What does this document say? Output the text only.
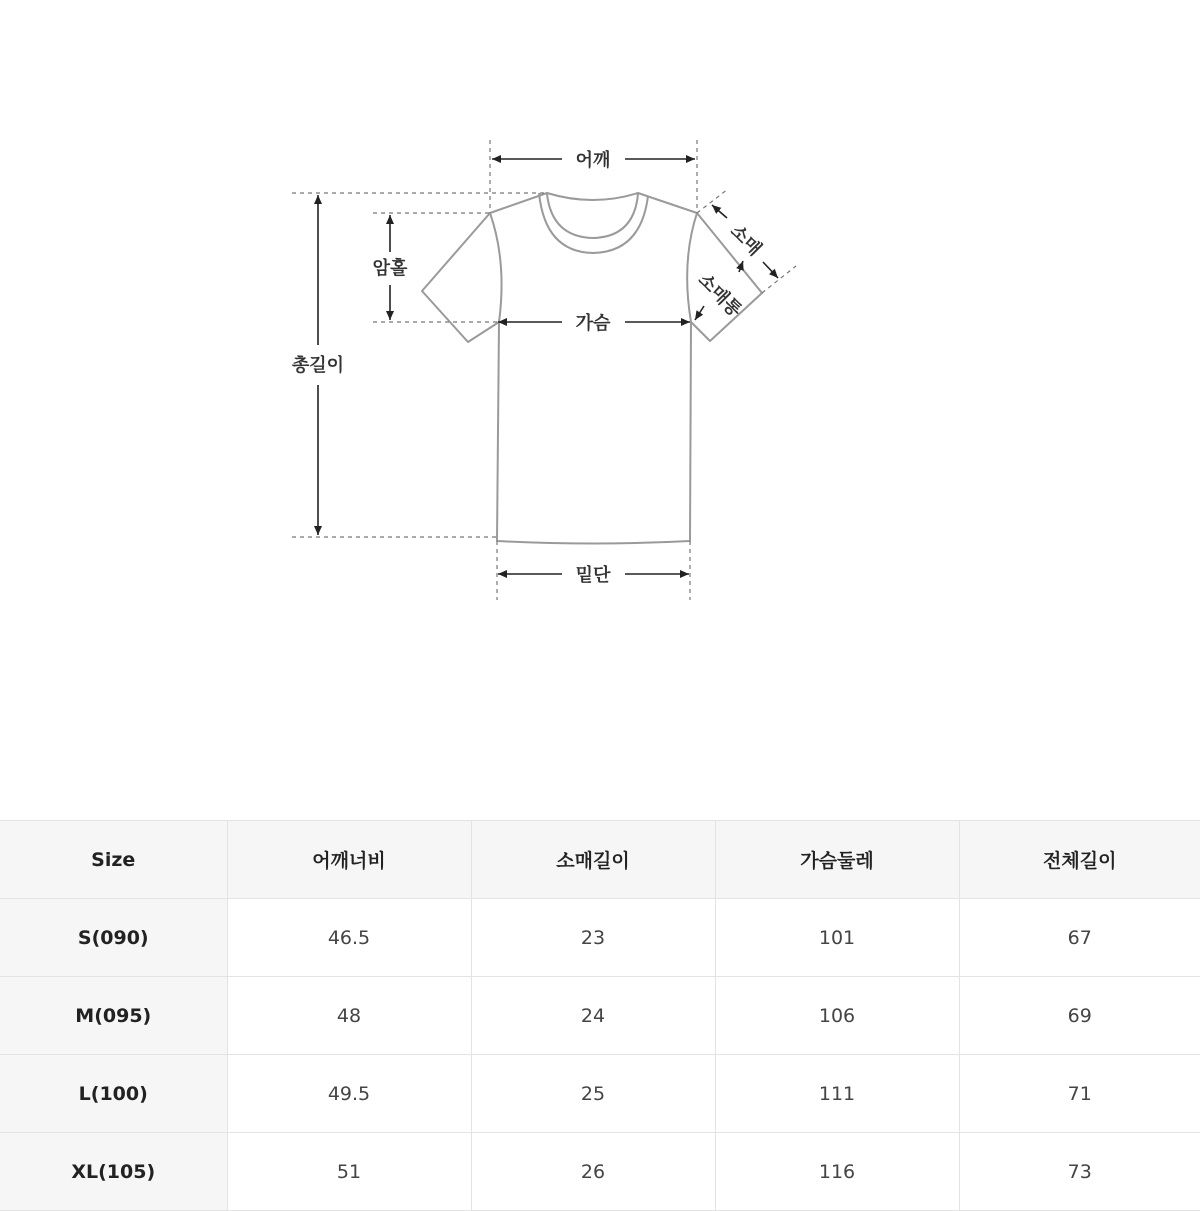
어깨
가슴
밑단
총길이
암홀
소매
소매통
Size	어깨너비	소매길이	가슴둘레	전체길이
S(090)	46.5	23	101	67
M(095)	48	24	106	69
L(100)	49.5	25	111	71
XL(105)	51	26	116	73
